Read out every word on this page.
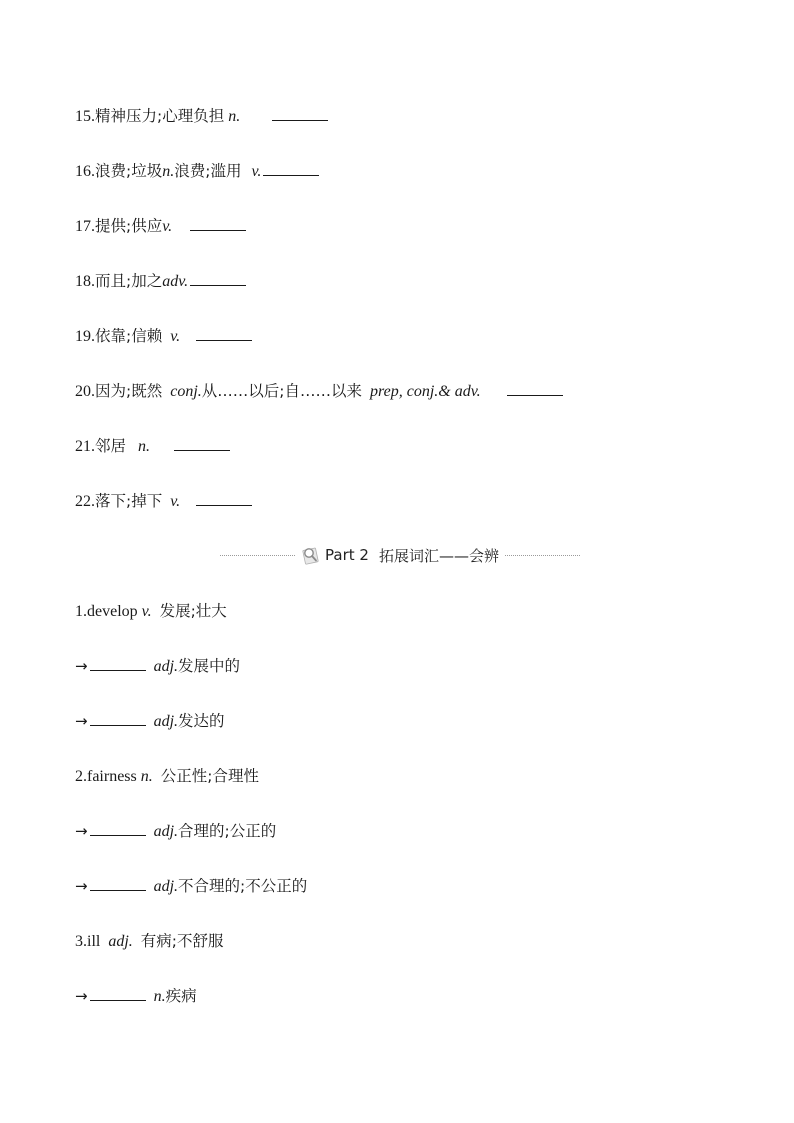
15.精神压力;心理负担 n.
16.浪费;垃圾n.浪费;滥用 v.
17.提供;供应v.
18.而且;加之adv.
19.依靠;信赖 v.
20.因为;既然 conj.从……以后;自……以来 prep, conj.& adv.
21.邻居 n.
22.落下;掉下 v.
Part 2 拓展词汇——会辨
1.develop v. 发展;壮大
→	adj.发展中的
→	adj.发达的
2.fairness n. 公正性;合理性
→	adj.合理的;公正的
→	adj.不合理的;不公正的
3.ill adj. 有病;不舒服
→	n.疾病
